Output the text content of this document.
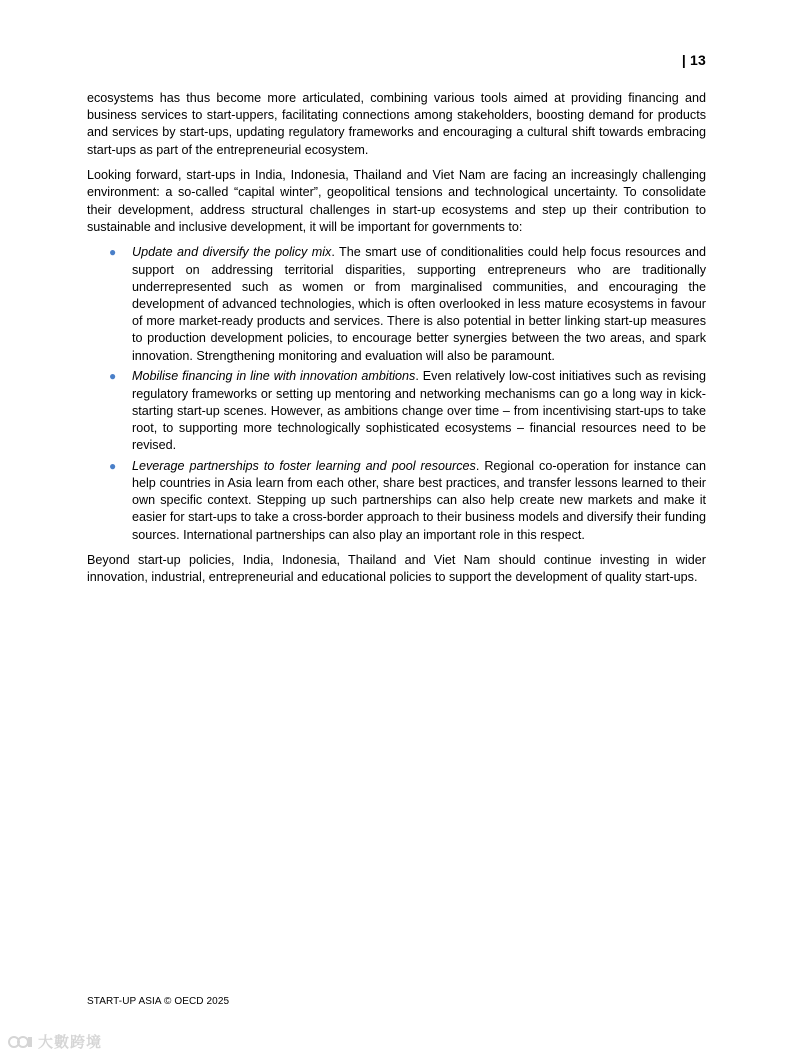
| 13

ecosystems has thus become more articulated, combining various tools aimed at providing financing and business services to start-uppers, facilitating connections among stakeholders, boosting demand for products and services by start-ups, updating regulatory frameworks and encouraging a cultural shift towards embracing start-ups as part of the entrepreneurial ecosystem.

Looking forward, start-ups in India, Indonesia, Thailand and Viet Nam are facing an increasingly challenging environment: a so-called “capital winter”, geopolitical tensions and technological uncertainty. To consolidate their development, address structural challenges in start-up ecosystems and step up their contribution to sustainable and inclusive development, it will be important for governments to:

● Update and diversify the policy mix. The smart use of conditionalities could help focus resources and support on addressing territorial disparities, supporting entrepreneurs who are traditionally underrepresented such as women or from marginalised communities, and encouraging the development of advanced technologies, which is often overlooked in less mature ecosystems in favour of more market-ready products and services. There is also potential in better linking start-up measures to production development policies, to encourage better synergies between the two areas, and spark innovation. Strengthening monitoring and evaluation will also be paramount.
● Mobilise financing in line with innovation ambitions. Even relatively low-cost initiatives such as revising regulatory frameworks or setting up mentoring and networking mechanisms can go a long way in kick-starting start-up scenes. However, as ambitions change over time – from incentivising start-ups to take root, to supporting more technologically sophisticated ecosystems – financial resources need to be revised.
● Leverage partnerships to foster learning and pool resources. Regional co-operation for instance can help countries in Asia learn from each other, share best practices, and transfer lessons learned to their own specific context. Stepping up such partnerships can also help create new markets and make it easier for start-ups to take a cross-border approach to their business models and diversify their funding sources. International partnerships can also play an important role in this respect.

Beyond start-up policies, India, Indonesia, Thailand and Viet Nam should continue investing in wider innovation, industrial, entrepreneurial and educational policies to support the development of quality start-ups.

START-UP ASIA © OECD 2025
大數跨境
